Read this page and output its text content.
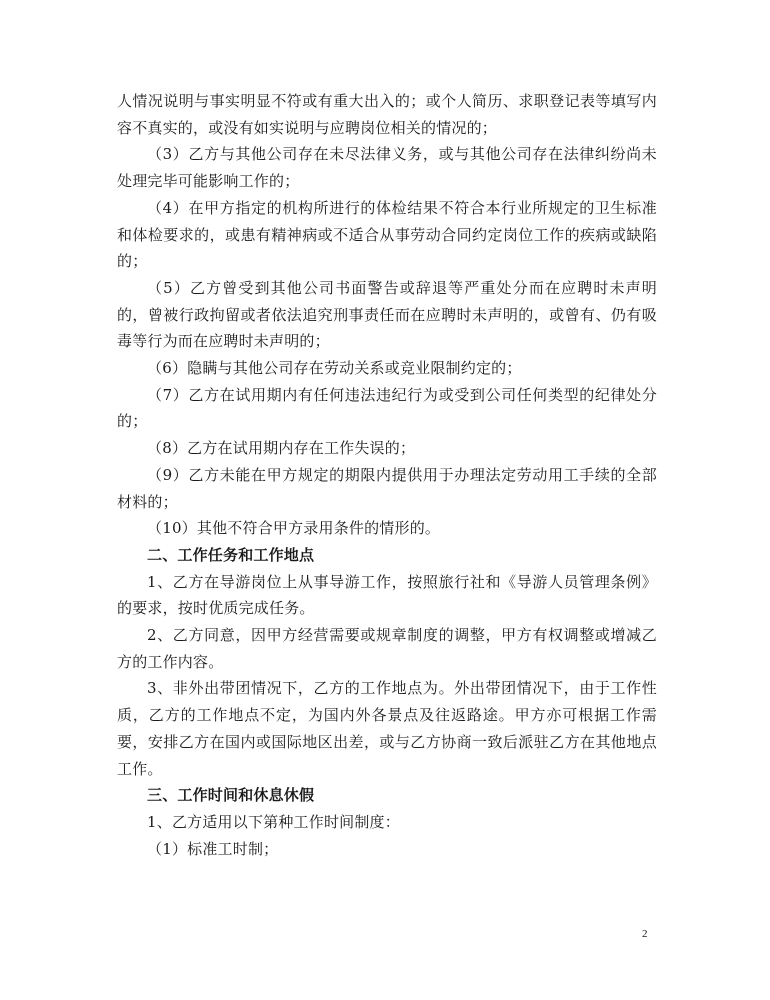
人情况说明与事实明显不符或有重大出入的；或个人简历、求职登记表等填写内容不真实的，或没有如实说明与应聘岗位相关的情况的；

（3）乙方与其他公司存在未尽法律义务，或与其他公司存在法律纠纷尚未处理完毕可能影响工作的；

（4）在甲方指定的机构所进行的体检结果不符合本行业所规定的卫生标准和体检要求的，或患有精神病或不适合从事劳动合同约定岗位工作的疾病或缺陷的；

（5）乙方曾受到其他公司书面警告或辞退等严重处分而在应聘时未声明的，曾被行政拘留或者依法追究刑事责任而在应聘时未声明的，或曾有、仍有吸毒等行为而在应聘时未声明的；

（6）隐瞒与其他公司存在劳动关系或竞业限制约定的；

（7）乙方在试用期内有任何违法违纪行为或受到公司任何类型的纪律处分的；

（8）乙方在试用期内存在工作失误的；

（9）乙方未能在甲方规定的期限内提供用于办理法定劳动用工手续的全部材料的；

（10）其他不符合甲方录用条件的情形的。

二、工作任务和工作地点

1、乙方在导游岗位上从事导游工作，按照旅行社和《导游人员管理条例》的要求，按时优质完成任务。

2、乙方同意，因甲方经营需要或规章制度的调整，甲方有权调整或增减乙方的工作内容。

3、非外出带团情况下，乙方的工作地点为。外出带团情况下，由于工作性质，乙方的工作地点不定，为国内外各景点及往返路途。甲方亦可根据工作需要，安排乙方在国内或国际地区出差，或与乙方协商一致后派驻乙方在其他地点工作。

三、工作时间和休息休假

1、乙方适用以下第种工作时间制度：

（1）标准工时制；

2
